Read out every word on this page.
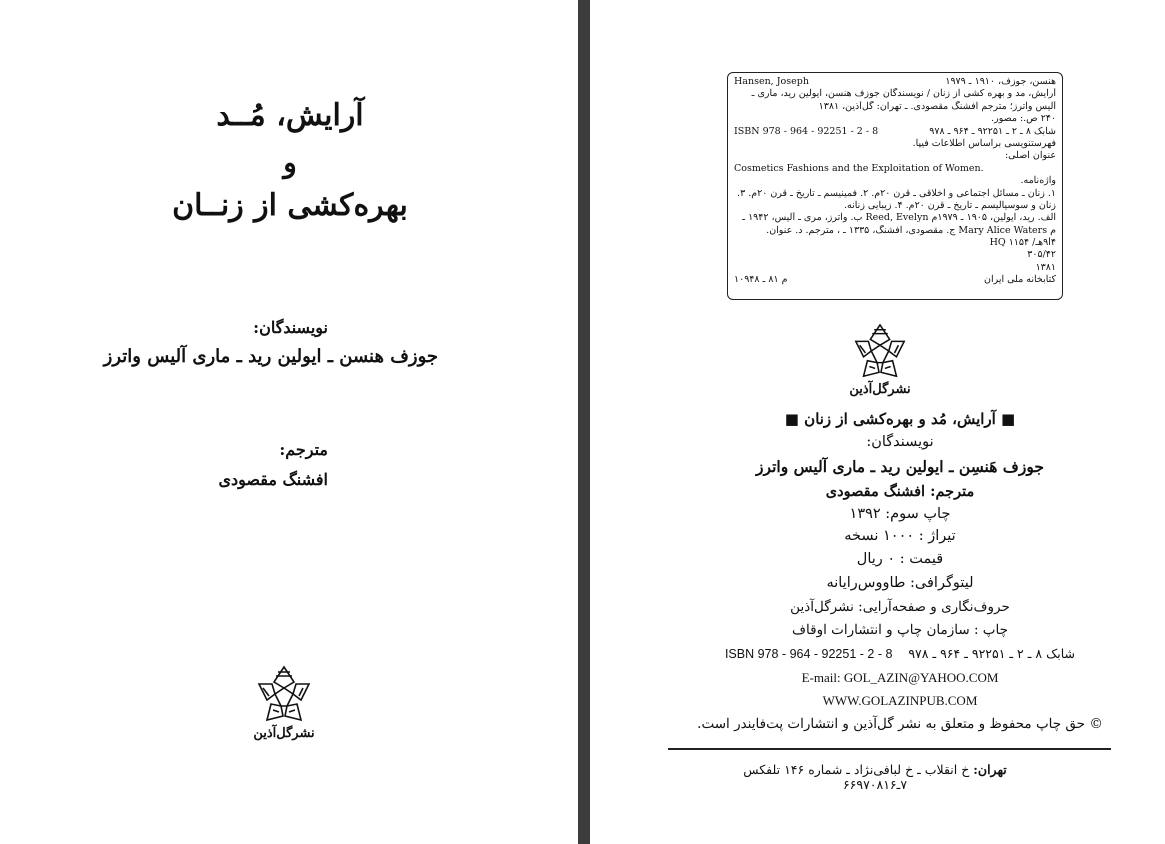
آرایش، مُــد
و
بهره‌کشی از زنــان
نویسندگان:
جوزف هنسن ـ ایولین رید ـ ماری آلیس واترز
مترجم:
افشنگ مقصودی
نشرگل‌آذین
Hansen, Joseph	هنسن، جوزف، ۱۹۱۰ ـ ۱۹۷۹
آرایش، مد و بهره کشی از زنان / نویسندگان جوزف هنسن، ایولین رید، ماری ـ
آلیس واترز؛ مترجم افشنگ مقصودی. ـ تهران: گل‌آذین، ۱۳۸۱
۲۴۰ ص.: مصور.
ISBN 978 - 964 - 92251 - 2 - 8	شابک ۸ ـ ۲ ـ ۹۲۲۵۱ ـ ۹۶۴ ـ ۹۷۸
فهرستنویسی براساس اطلاعات فیپا.
عنوان اصلی:
Cosmetics Fashions and the Exploitation of Women.
واژه‌نامه.
۱. زنان ـ مسائل اجتماعی و اخلاقی ـ قرن ۲۰م. ۲. فمینیسم ـ تاریخ ـ قرن ۲۰م. ۳.
زنان و سوسیالیسم ـ تاریخ ـ قرن ۲۰م. ۴. زیبایی زنانه.
الف. رید، ایولین، ۱۹۰۵ ـ ۱۹۷۹م Reed, Evelyn ب. واترز، مری ـ آلیس، ۱۹۴۲ ـ
م Mary Alice Waters ج. مقصودی، افشنگ، ۱۳۳۵ ـ ، مترجم. د. عنوان.
۴آ۹هـ/ HQ ۱۱۵۴
۳۰۵/۴۲
۱۳۸۱
م ۸۱ ـ ۱۰۹۴۸	کتابخانه ملی ایران
نشرگل‌آذین
■ آرایش، مُد و بهره‌کشی از زنان ■
نویسندگان:
جوزف هَنسِن ـ ایولین رید ـ ماری آلیس واترز
مترجم: افشنگ مقصودی
چاپ سوم: ۱۳۹۲
تیراژ : ۱۰۰۰ نسخه
قیمت : ۰ ریال
لیتوگرافی: طاووس‌رایانه
حروف‌نگاری و صفحه‌آرایی: نشرگل‌آذین
چاپ : سازمان چاپ و انتشارات اوقاف
ISBN 978 - 964 - 92251 - 2 - 8 شابک ۸ ـ ۲ ـ ۹۲۲۵۱ ـ ۹۶۴ ـ ۹۷۸
E-mail: GOL_AZIN@YAHOO.COM
WWW.GOLAZINPUB.COM
حق چاپ محفوظ و متعلق به نشر گل‌آذین و انتشارات پت‌فایندر است. ©
تهران: خ انقلاب ـ خ لبافی‌نژاد ـ شماره ۱۴۶ تلفکس ۷ـ۶۶۹۷۰۸۱۶
